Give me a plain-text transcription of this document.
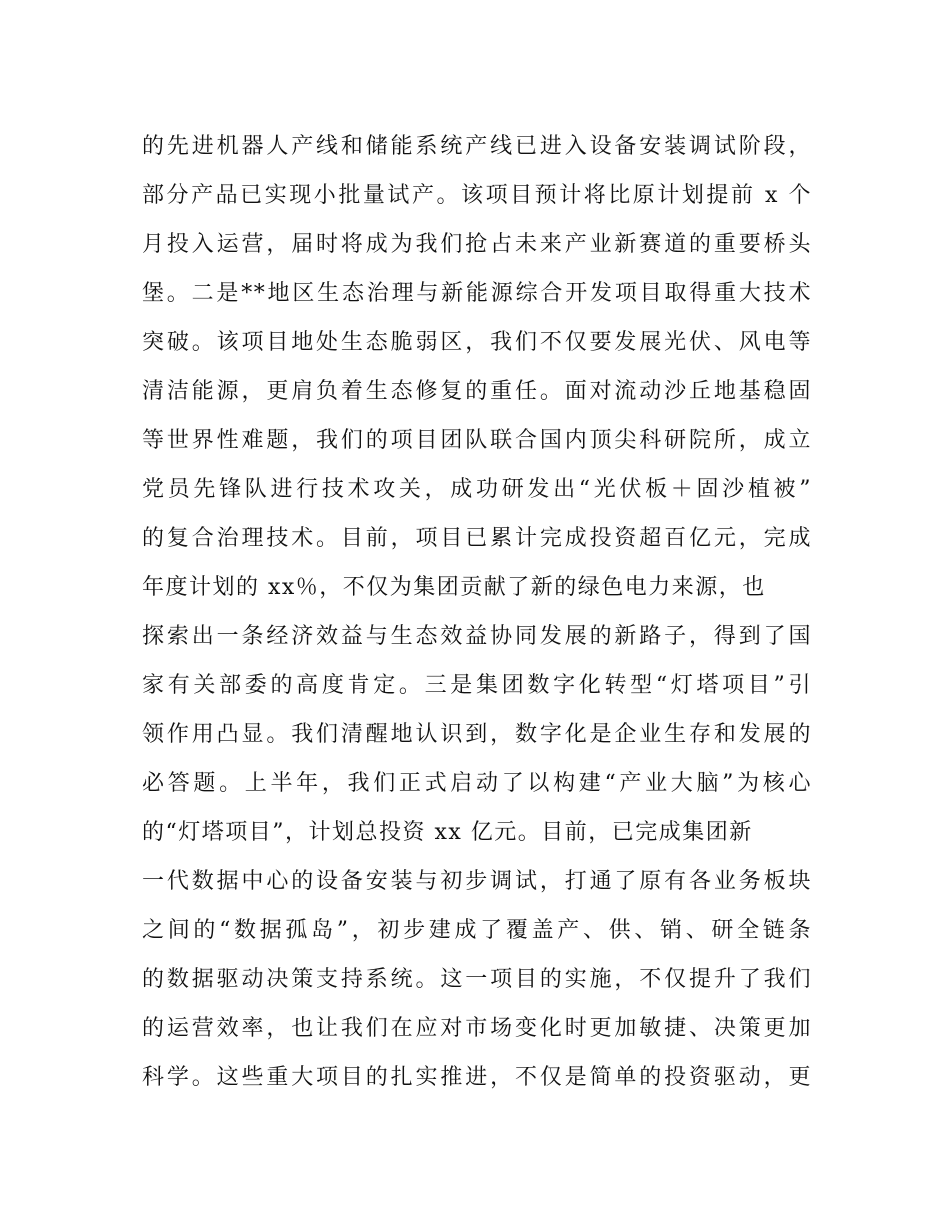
的先进机器人产线和储能系统产线已进入设备安装调试阶段，
部分产品已实现小批量试产。该项目预计将比原计划提前 x 个
月投入运营，届时将成为我们抢占未来产业新赛道的重要桥头
堡。二是**地区生态治理与新能源综合开发项目取得重大技术
突破。该项目地处生态脆弱区，我们不仅要发展光伏、风电等
清洁能源，更肩负着生态修复的重任。面对流动沙丘地基稳固
等世界性难题，我们的项目团队联合国内顶尖科研院所，成立
党员先锋队进行技术攻关，成功研发出“光伏板＋固沙植被”
的复合治理技术。目前，项目已累计完成投资超百亿元，完成
年度计划的 xx％，不仅为集团贡献了新的绿色电力来源，也
探索出一条经济效益与生态效益协同发展的新路子，得到了国
家有关部委的高度肯定。三是集团数字化转型“灯塔项目”引
领作用凸显。我们清醒地认识到，数字化是企业生存和发展的
必答题。上半年，我们正式启动了以构建“产业大脑”为核心
的“灯塔项目”，计划总投资 xx 亿元。目前，已完成集团新
一代数据中心的设备安装与初步调试，打通了原有各业务板块
之间的“数据孤岛”，初步建成了覆盖产、供、销、研全链条
的数据驱动决策支持系统。这一项目的实施，不仅提升了我们
的运营效率，也让我们在应对市场变化时更加敏捷、决策更加
科学。这些重大项目的扎实推进，不仅是简单的投资驱动，更
